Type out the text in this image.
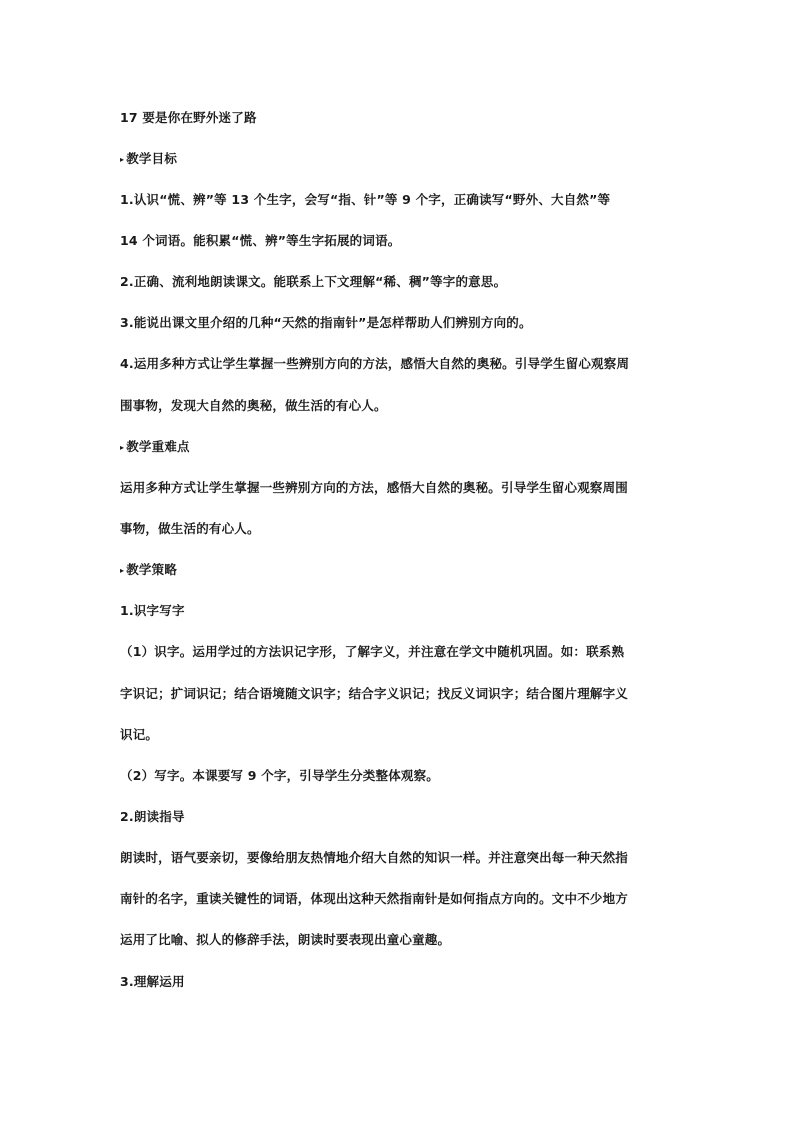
17 要是你在野外迷了路
▸ 教学目标
1.认识“慌、辨”等 13 个生字，会写“指、针”等 9 个字，正确读写“野外、大自然”等
14 个词语。能积累“慌、辨”等生字拓展的词语。
2.正确、流利地朗读课文。能联系上下文理解“稀、稠”等字的意思。
3.能说出课文里介绍的几种“天然的指南针”是怎样帮助人们辨别方向的。
4.运用多种方式让学生掌握一些辨别方向的方法，感悟大自然的奥秘。引导学生留心观察周
围事物，发现大自然的奥秘，做生活的有心人。
▸ 教学重难点
运用多种方式让学生掌握一些辨别方向的方法，感悟大自然的奥秘。引导学生留心观察周围
事物，做生活的有心人。
▸ 教学策略
1.识字写字
（1）识字。运用学过的方法识记字形，了解字义，并注意在学文中随机巩固。如：联系熟
字识记；扩词识记；结合语境随文识字；结合字义识记；找反义词识字；结合图片理解字义
识记。
（2）写字。本课要写 9 个字，引导学生分类整体观察。
2.朗读指导
朗读时，语气要亲切，要像给朋友热情地介绍大自然的知识一样。并注意突出每一种天然指
南针的名字，重读关键性的词语，体现出这种天然指南针是如何指点方向的。文中不少地方
运用了比喻、拟人的修辞手法，朗读时要表现出童心童趣。
3.理解运用
